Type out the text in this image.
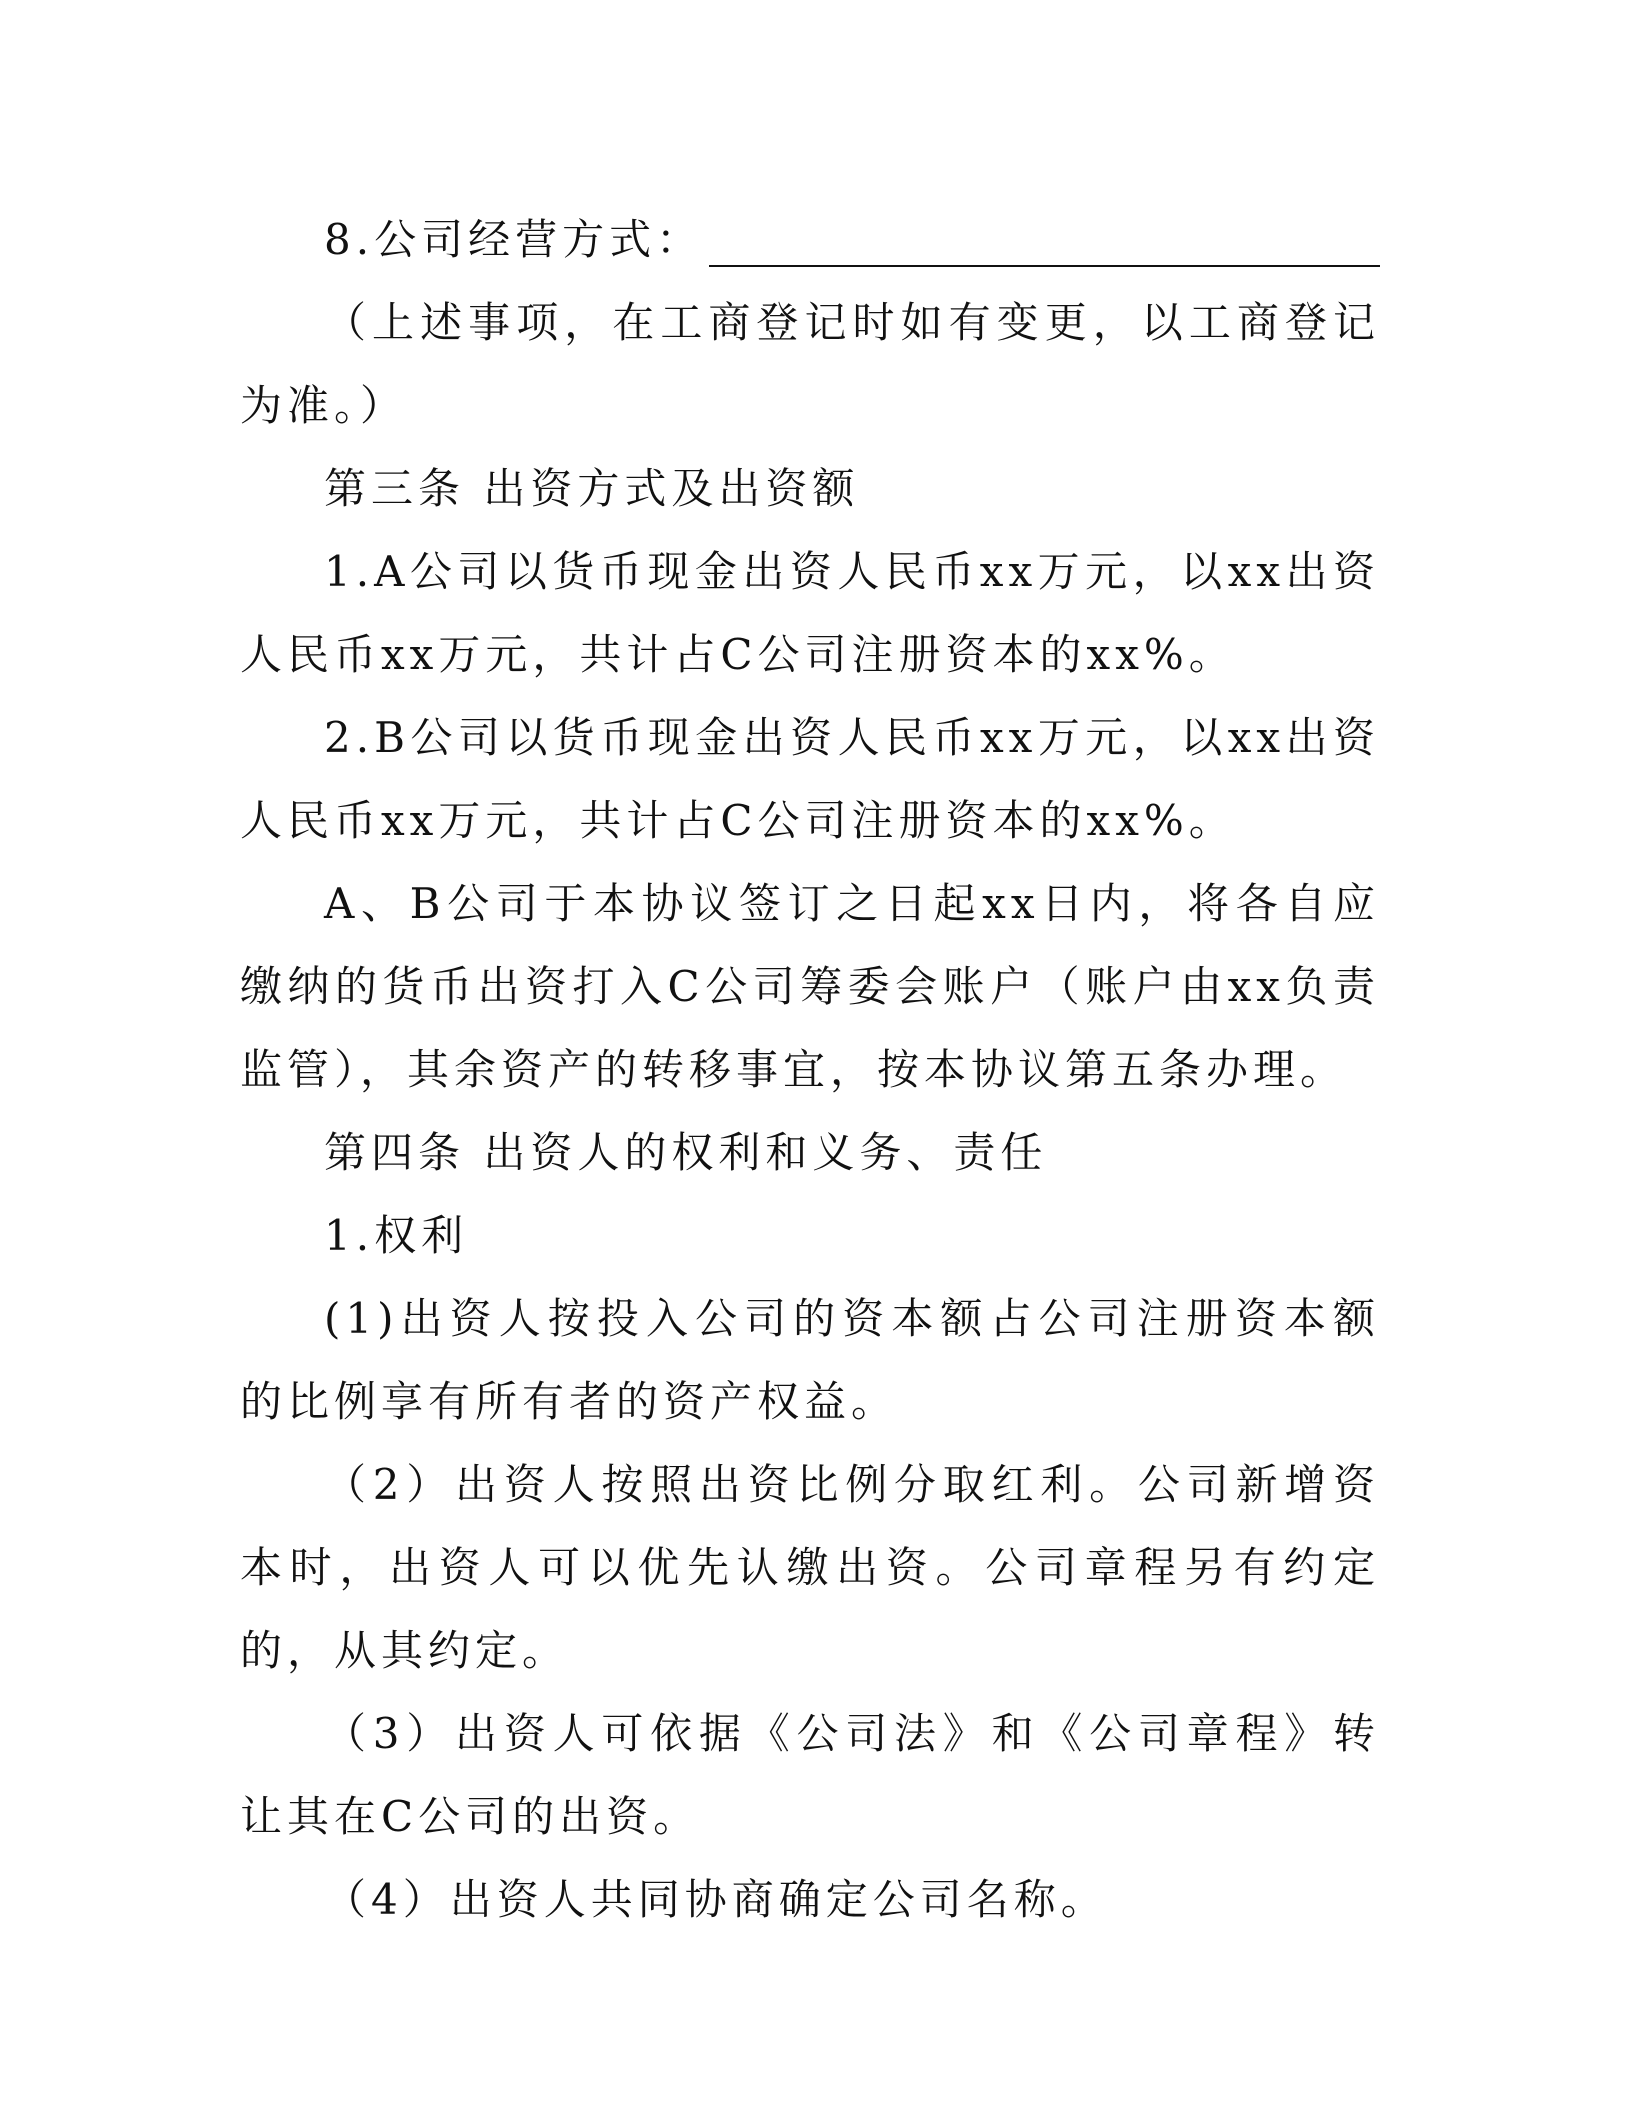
8.公司经营方式：

（上述事项，在工商登记时如有变更，以工商登记为准。）

第三条 出资方式及出资额

1.A公司以货币现金出资人民币xx万元，以xx出资人民币xx万元，共计占C公司注册资本的xx%。

2.B公司以货币现金出资人民币xx万元，以xx出资人民币xx万元，共计占C公司注册资本的xx%。

A、B公司于本协议签订之日起xx日内，将各自应缴纳的货币出资打入C公司筹委会账户（账户由xx负责监管），其余资产的转移事宜，按本协议第五条办理。

第四条 出资人的权利和义务、责任

1.权利

(1)出资人按投入公司的资本额占公司注册资本额的比例享有所有者的资产权益。

（2）出资人按照出资比例分取红利。公司新增资本时，出资人可以优先认缴出资。公司章程另有约定的，从其约定。

（3）出资人可依据《公司法》和《公司章程》转让其在C公司的出资。

（4）出资人共同协商确定公司名称。
